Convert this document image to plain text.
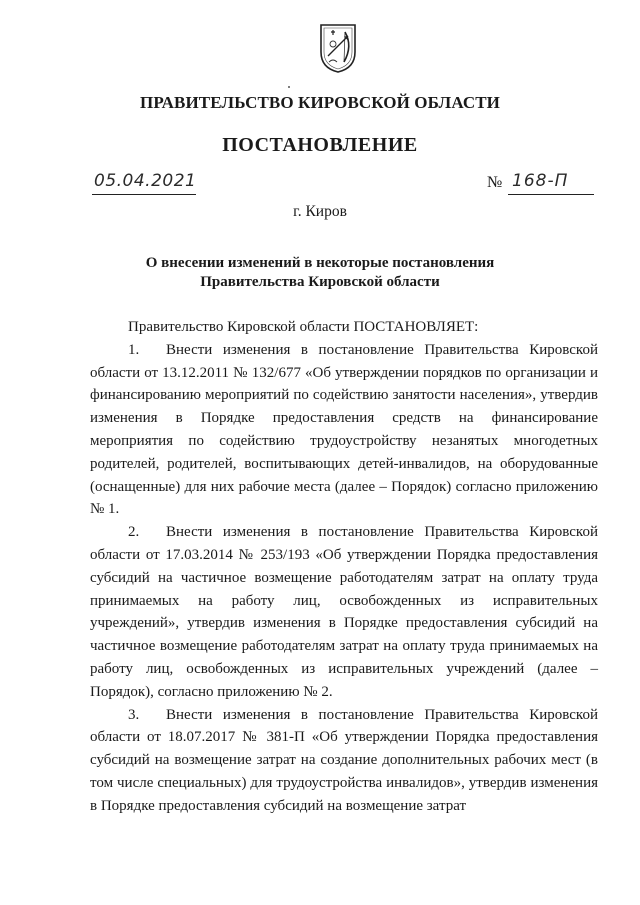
ПРАВИТЕЛЬСТВО КИРОВСКОЙ ОБЛАСТИ
ПОСТАНОВЛЕНИЕ
05.04.2021	№ 168-П
г. Киров
О внесении изменений в некоторые постановления
Правительства Кировской области

Правительство Кировской области ПОСТАНОВЛЯЕТ:

1. Внести изменения в постановление Правительства Кировской области от 13.12.2011 № 132/677 «Об утверждении порядков по организации и финансированию мероприятий по содействию занятости населения», утвердив изменения в Порядке предоставления средств на финансирование мероприятия по содействию трудоустройству незанятых многодетных родителей, родителей, воспитывающих детей-инвалидов, на оборудованные (оснащенные) для них рабочие места (далее – Порядок) согласно приложению № 1.

2. Внести изменения в постановление Правительства Кировской области от 17.03.2014 № 253/193 «Об утверждении Порядка предоставления субсидий на частичное возмещение работодателям затрат на оплату труда принимаемых на работу лиц, освобожденных из исправительных учреждений», утвердив изменения в Порядке предоставления субсидий на частичное возмещение работодателям затрат на оплату труда принимаемых на работу лиц, освобожденных из исправительных учреждений (далее – Порядок), согласно приложению № 2.

3. Внести изменения в постановление Правительства Кировской области от 18.07.2017 № 381-П «Об утверждении Порядка предоставления субсидий на возмещение затрат на создание дополнительных рабочих мест (в том числе специальных) для трудоустройства инвалидов», утвердив изменения в Порядке предоставления субсидий на возмещение затрат
